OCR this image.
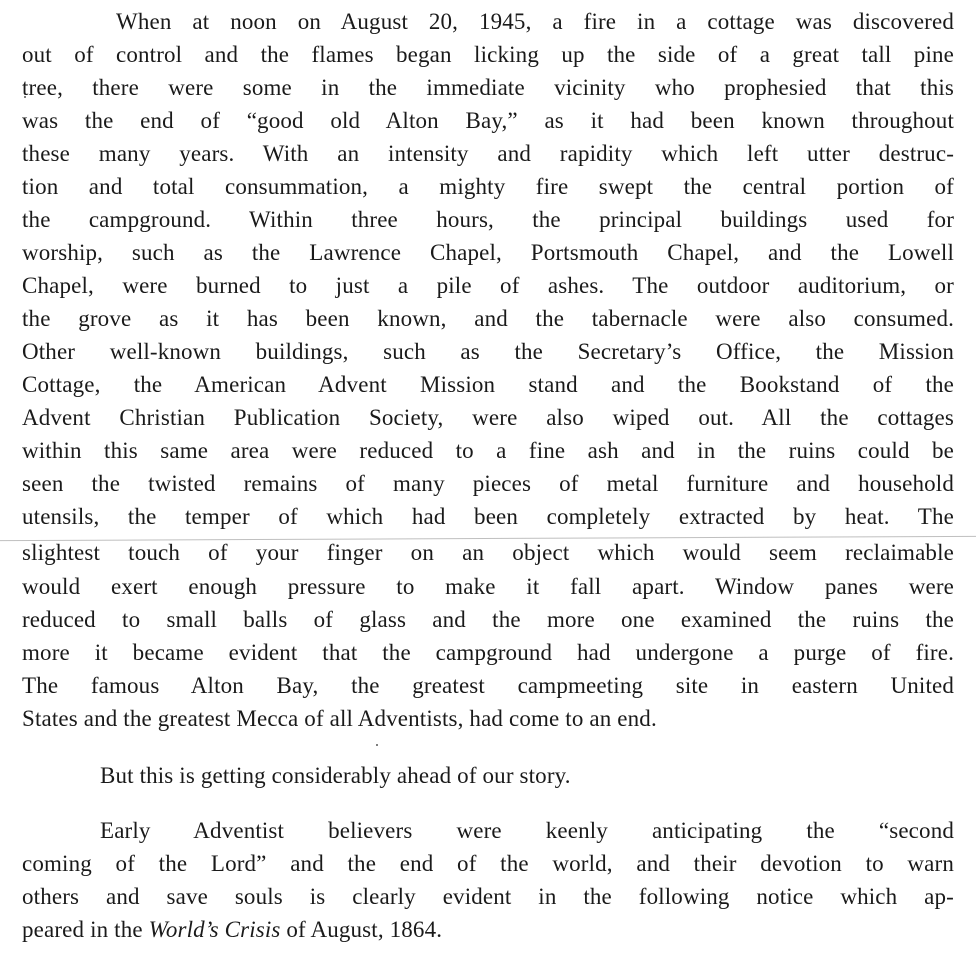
When at noon on August 20, 1945, a fire in a cottage was discovered
out of control and the flames began licking up the side of a great tall pine
tree, there were some in the immediate vicinity who prophesied that this
was the end of “good old Alton Bay,” as it had been known throughout
these many years. With an intensity and rapidity which left utter destruc-
tion and total consummation, a mighty fire swept the central portion of
the campground. Within three hours, the principal buildings used for
worship, such as the Lawrence Chapel, Portsmouth Chapel, and the Lowell
Chapel, were burned to just a pile of ashes. The outdoor auditorium, or
the grove as it has been known, and the tabernacle were also consumed.
Other well-known buildings, such as the Secretary’s Office, the Mission
Cottage, the American Advent Mission stand and the Bookstand of the
Advent Christian Publication Society, were also wiped out. All the cottages
within this same area were reduced to a fine ash and in the ruins could be
seen the twisted remains of many pieces of metal furniture and household
utensils, the temper of which had been completely extracted by heat. The
slightest touch of your finger on an object which would seem reclaimable
would exert enough pressure to make it fall apart. Window panes were
reduced to small balls of glass and the more one examined the ruins the
more it became evident that the campground had undergone a purge of fire.
The famous Alton Bay, the greatest campmeeting site in eastern United
States and the greatest Mecca of all Adventists, had come to an end.
But this is getting considerably ahead of our story.
Early Adventist believers were keenly anticipating the “second
coming of the Lord” and the end of the world, and their devotion to warn
others and save souls is clearly evident in the following notice which ap-
peared in the World’s Crisis of August, 1864.
